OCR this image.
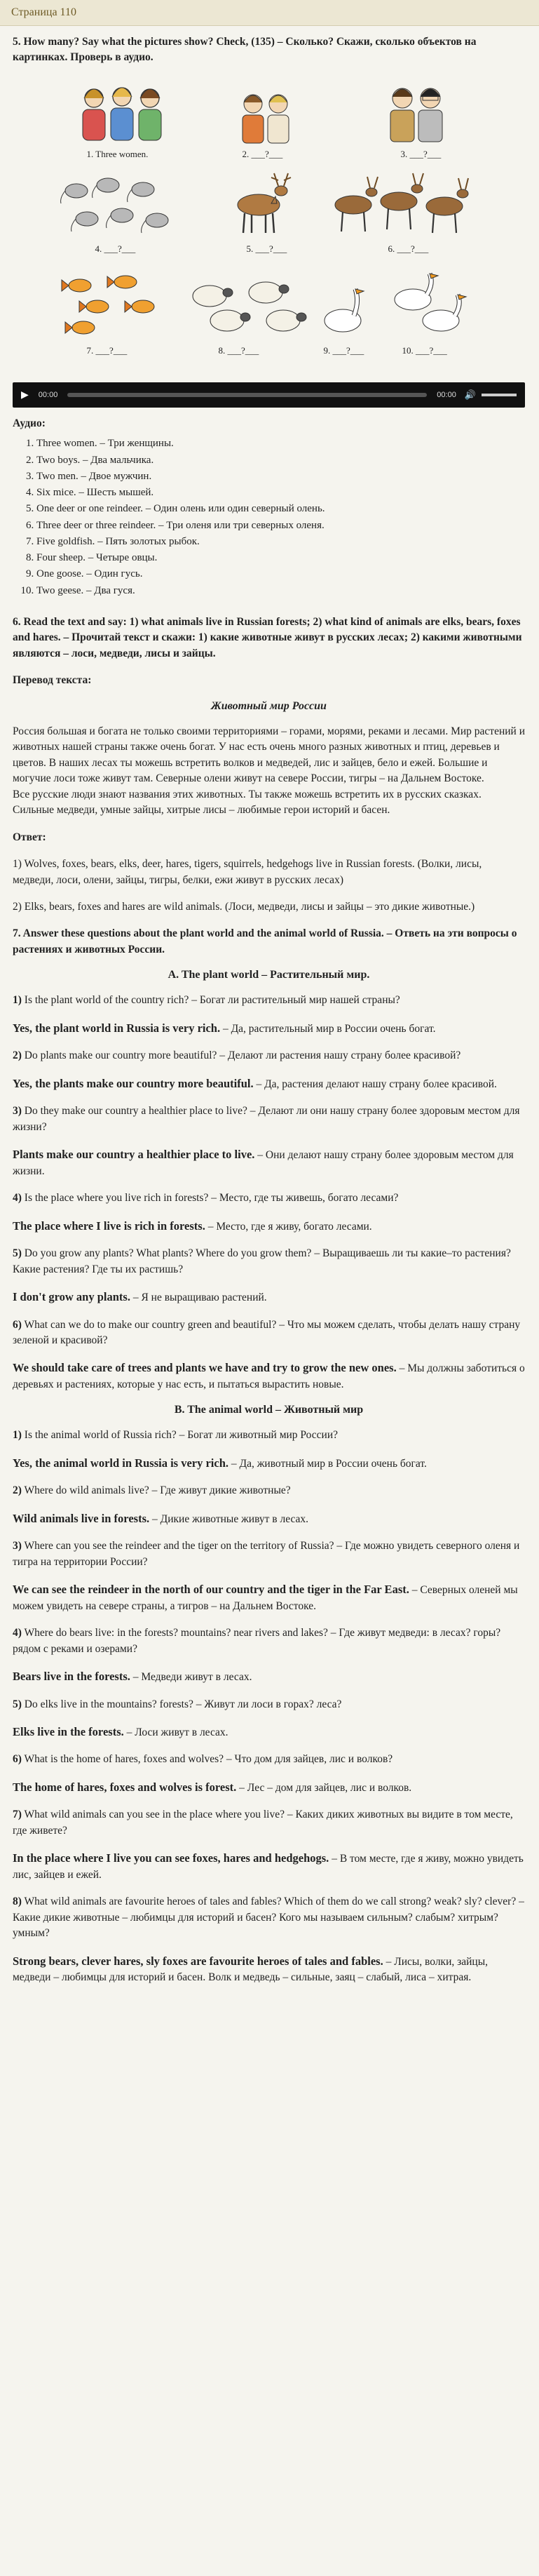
Страница 110

5. How many? Say what the pictures show? Check, (135) – Сколько? Скажи, сколько объектов на картинках. Проверь в аудио.

1. Three women.	2. ___?___	3. ___?___
4. ___?___	5. ___?___	6. ___?___
7. ___?___	8. ___?___	9. ___?___	10. ___?___
▶ 00:00	00:00 🔊

Аудио:

1. Three women. – Три женщины.
2. Two boys. – Два мальчика.
3. Two men. – Двое мужчин.
4. Six mice. – Шесть мышей.
5. One deer or one reindeer. – Один олень или один северный олень.
6. Three deer or three reindeer. – Три оленя или три северных оленя.
7. Five goldfish. – Пять золотых рыбок.
8. Four sheep. – Четыре овцы.
9. One goose. – Один гусь.
10. Two geese. – Два гуся.

6. Read the text and say: 1) what animals live in Russian forests; 2) what kind of animals are elks, bears, foxes and hares. – Прочитай текст и скажи: 1) какие животные живут в русских лесах; 2) какими животными являются – лоси, медведи, лисы и зайцы.

Перевод текста:

Животный мир России

Россия большая и богата не только своими территориями – горами, морями, реками и лесами. Мир растений и животных нашей страны также очень богат. У нас есть очень много разных животных и птиц, деревьев и цветов. В наших лесах ты можешь встретить волков и медведей, лис и зайцев, бело и ежей. Большие и могучие лоси тоже живут там. Северные олени живут на севере России, тигры – на Дальнем Востоке.

Все русские люди знают названия этих животных. Ты также можешь встретить их в русских сказках. Сильные медведи, умные зайцы, хитрые лисы – любимые герои историй и басен.

Ответ:

1) Wolves, foxes, bears, elks, deer, hares, tigers, squirrels, hedgehogs live in Russian forests. (Волки, лисы, медведи, лоси, олени, зайцы, тигры, белки, ежи живут в русских лесах)

2) Elks, bears, foxes and hares are wild animals. (Лоси, медведи, лисы и зайцы – это дикие животные.)

7. Answer these questions about the plant world and the animal world of Russia. – Ответь на эти вопросы о растениях и животных России.

A. The plant world – Растительный мир.

1) Is the plant world of the country rich? – Богат ли растительный мир нашей страны?

Yes, the plant world in Russia is very rich. – Да, растительный мир в России очень богат.

2) Do plants make our country more beautiful? – Делают ли растения нашу страну более красивой?

Yes, the plants make our country more beautiful. – Да, растения делают нашу страну более красивой.

3) Do they make our country a healthier place to live? – Делают ли они нашу страну более здоровым местом для жизни?

Plants make our country a healthier place to live. – Они делают нашу страну более здоровым местом для жизни.

4) Is the place where you live rich in forests? – Место, где ты живешь, богато лесами?

The place where I live is rich in forests. – Место, где я живу, богато лесами.

5) Do you grow any plants? What plants? Where do you grow them? – Выращиваешь ли ты какие–то растения? Какие растения? Где ты их растишь?

I don't grow any plants. – Я не выращиваю растений.

6) What can we do to make our country green and beautiful? – Что мы можем сделать, чтобы делать нашу страну зеленой и красивой?

We should take care of trees and plants we have and try to grow the new ones. – Мы должны заботиться о деревьях и растениях, которые у нас есть, и пытаться вырастить новые.

B. The animal world – Животный мир

1) Is the animal world of Russia rich? – Богат ли животный мир России?

Yes, the animal world in Russia is very rich. – Да, животный мир в России очень богат.

2) Where do wild animals live? – Где живут дикие животные?

Wild animals live in forests. – Дикие животные живут в лесах.

3) Where can you see the reindeer and the tiger on the territory of Russia? – Где можно увидеть северного оленя и тигра на территории России?

We can see the reindeer in the north of our country and the tiger in the Far East. – Северных оленей мы можем увидеть на севере страны, а тигров – на Дальнем Востоке.

4) Where do bears live: in the forests? mountains? near rivers and lakes? – Где живут медведи: в лесах? горы? рядом с реками и озерами?

Bears live in the forests. – Медведи живут в лесах.

5) Do elks live in the mountains? forests? – Живут ли лоси в горах? леса?

Elks live in the forests. – Лоси живут в лесах.

6) What is the home of hares, foxes and wolves? – Что дом для зайцев, лис и волков?

The home of hares, foxes and wolves is forest. – Лес – дом для зайцев, лис и волков.

7) What wild animals can you see in the place where you live? – Каких диких животных вы видите в том месте, где живете?

In the place where I live you can see foxes, hares and hedgehogs. – В том месте, где я живу, можно увидеть лис, зайцев и ежей.

8) What wild animals are favourite heroes of tales and fables? Which of them do we call strong? weak? sly? clever? – Какие дикие животные – любимцы для историй и басен? Кого мы называем сильным? слабым? хитрым? умным?

Strong bears, clever hares, sly foxes are favourite heroes of tales and fables. – Лисы, волки, зайцы, медведи – любимцы для историй и басен. Волк и медведь – сильные, заяц – слабый, лиса – хитрая.
